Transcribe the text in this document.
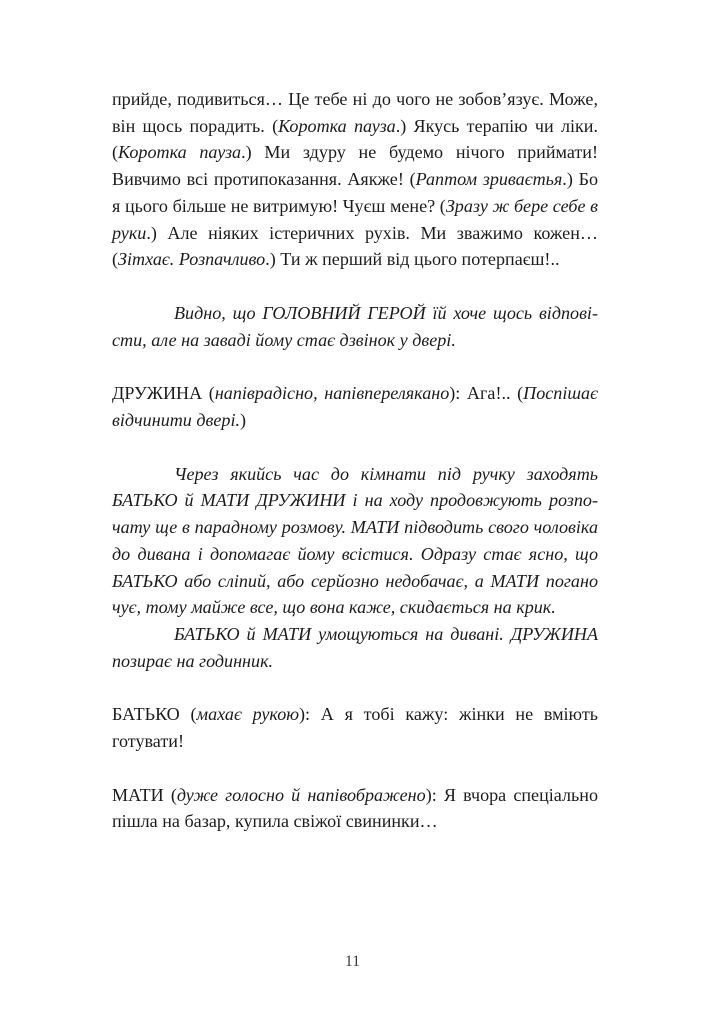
прийде, подивиться… Це тебе ні до чого не зобов’язує. Може, він щось порадить. (Коротка пауза.) Якусь терапію чи ліки. (Коротка пауза.) Ми здуру не будемо нічого приймати! Вивчимо всі протипоказання. Аякже! (Раптом зриваєтья.) Бо я цього більше не витримую! Чуєш мене? (Зразу ж бере себе в руки.) Але ніяких істеричних рухів. Ми зважимо кожен… (Зітхає. Розпачливо.) Ти ж перший від цього потерпаєш!..

Видно, що ГОЛОВНИЙ ГЕРОЙ їй хоче щось відповісти, але на заваді йому стає дзвінок у двері.

ДРУЖИНА (напіврадісно, напівперелякано): Ага!.. (Поспішає відчинити двері.)

Через якийсь час до кімнати під ручку заходять БАТЬКО й МАТИ ДРУЖИНИ і на ходу продовжують розпочату ще в парадному розмову. МАТИ підводить свого чоловіка до дивана і допомагає йому всістися. Одразу стає ясно, що БАТЬКО або сліпий, або серйозно недобачає, а МАТИ погано чує, тому майже все, що вона каже, скидається на крик.

БАТЬКО й МАТИ умощуються на дивані. ДРУЖИНА позирає на годинник.

БАТЬКО (махає рукою): А я тобі кажу: жінки не вміють готувати!

МАТИ (дуже голосно й напівображено): Я вчора спеціально пішла на базар, купила свіжої свининки…

11
